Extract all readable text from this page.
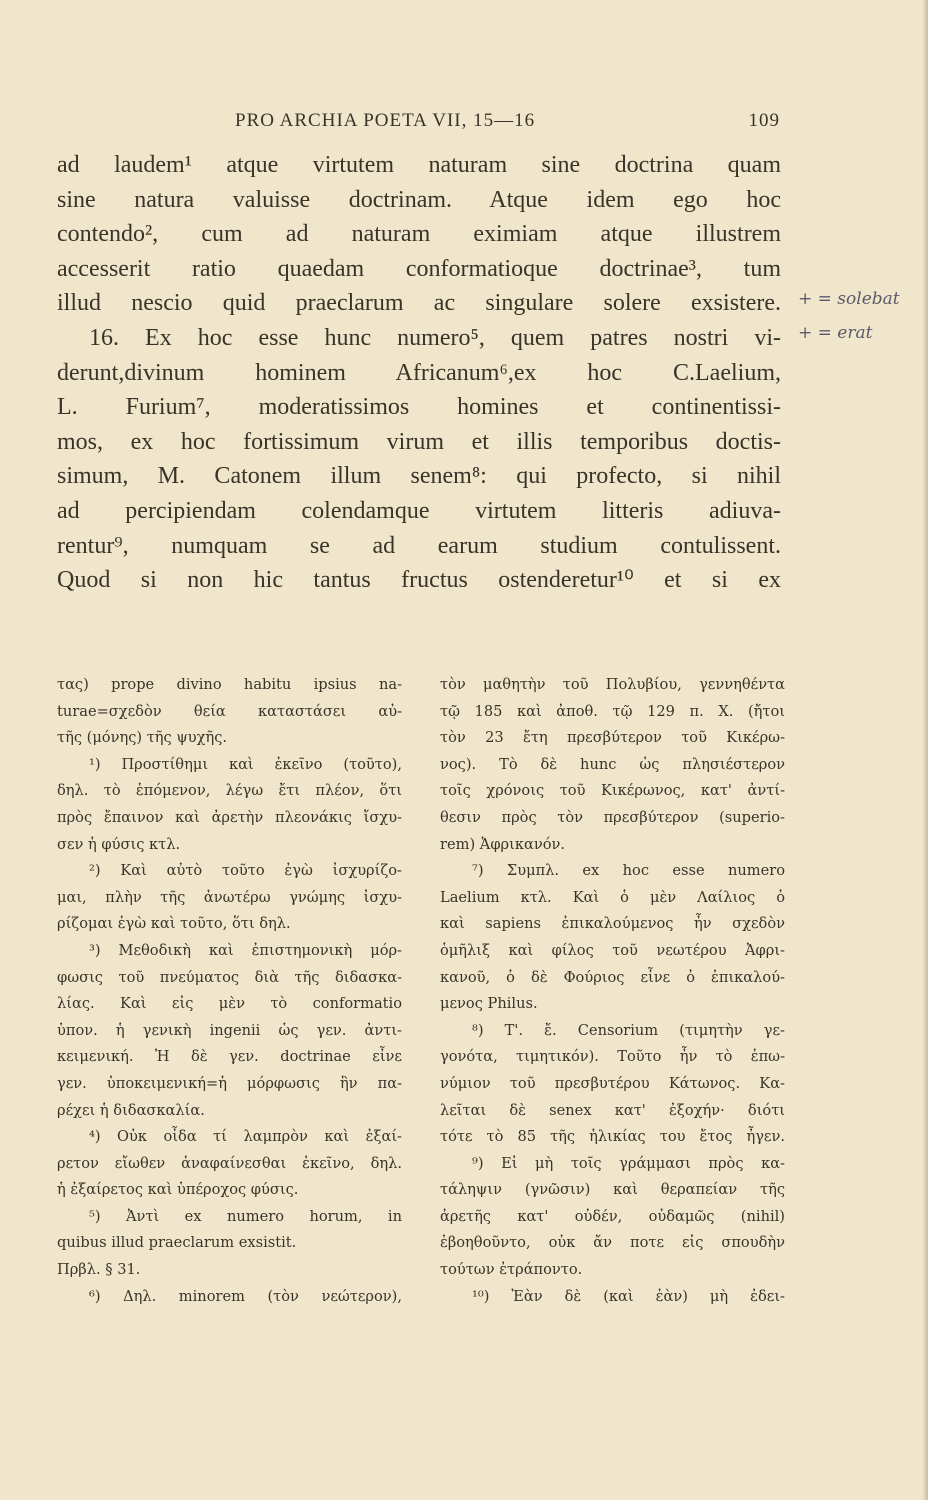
PRO ARCHIA POETA VII, 15—16	109
ad laudem¹ atque virtutem naturam sine doctrina quam
sine natura valuisse doctrinam. Atque idem ego hoc
contendo², cum ad naturam eximiam atque illustrem
accesserit ratio quaedam conformatioque doctrinae³, tum
illud nescio quid praeclarum ac singulare solere exsistere.
16. Ex hoc esse hunc numero⁵, quem patres nostri vi-
derunt,divinum hominem Africanum⁶,ex hoc C.Laelium,
L. Furium⁷, moderatissimos homines et continentissi-
mos, ex hoc fortissimum virum et illis temporibus doctis-
simum, M. Catonem illum senem⁸: qui profecto, si nihil
ad percipiendam colendamque virtutem litteris adiuva-
rentur⁹, numquam se ad earum studium contulissent.
Quod si non hic tantus fructus ostenderetur¹⁰ et si ex
+ = solebat
+ = erat
τας) prope divino habitu ipsius na-
turae=σχεδὸν θεία καταστάσει αὐ-
τῆς (μόνης) τῆς ψυχῆς.
¹) Προστίθημι καὶ ἐκεῖνο (τοῦτο),
δηλ. τὸ ἑπόμενον, λέγω ἔτι πλέον, ὅτι
πρὸς ἔπαινον καὶ ἀρετὴν πλεονάκις ἴσχυ-
σεν ἡ φύσις κτλ.
²) Καὶ αὐτὸ τοῦτο ἐγὼ ἰσχυρίζο-
μαι, πλὴν τῆς ἀνωτέρω γνώμης ἰσχυ-
ρίζομαι ἐγὼ καὶ τοῦτο, ὅτι δηλ.
³) Μεθοδικὴ καὶ ἐπιστημονικὴ μόρ-
φωσις τοῦ πνεύματος διὰ τῆς διδασκα-
λίας. Καὶ εἰς μὲν τὸ conformatio
ὑπον. ἡ γενικὴ ingenii ὡς γεν. ἀντι-
κειμενική. Ἡ δὲ γεν. doctrinae εἶνε
γεν. ὑποκειμενική=ἡ μόρφωσις ἣν πα-
ρέχει ἡ διδασκαλία.
⁴) Οὐκ οἶδα τί λαμπρὸν καὶ ἐξαί-
ρετον εἴωθεν ἀναφαίνεσθαι ἐκεῖνο, δηλ.
ἡ ἐξαίρετος καὶ ὑπέροχος φύσις.
⁵) Ἀντὶ ex numero horum, in
quibus illud praeclarum exsistit.
Πρβλ. § 31.
⁶) Δηλ. minorem (τὸν νεώτερον),
τὸν μαθητὴν τοῦ Πολυβίου, γεννηθέντα
τῷ 185 καὶ ἀποθ. τῷ 129 π. Χ. (ἤτοι
τὸν 23 ἔτη πρεσβύτερον τοῦ Κικέρω-
νος). Τὸ δὲ hunc ὡς πλησιέστερον
τοῖς χρόνοις τοῦ Κικέρωνος, κατ' ἀντί-
θεσιν πρὸς τὸν πρεσβύτερον (superio-
rem) Ἀφρικανόν.
⁷) Συμπλ. ex hoc esse numero
Laelium κτλ. Καὶ ὁ μὲν Λαίλιος ὁ
καὶ sapiens ἐπικαλούμενος ἦν σχεδὸν
ὁμῆλιξ καὶ φίλος τοῦ νεωτέρου Ἀφρι-
κανοῦ, ὁ δὲ Φούριος εἶνε ὁ ἐπικαλού-
μενος Philus.
⁸) Τ'. ἔ. Censorium (τιμητὴν γε-
γονότα, τιμητικόν). Τοῦτο ἦν τὸ ἐπω-
νύμιον τοῦ πρεσβυτέρου Κάτωνος. Κα-
λεῖται δὲ senex κατ' ἐξοχήν· διότι
τότε τὸ 85 τῆς ἡλικίας του ἔτος ἦγεν.
⁹) Εἰ μὴ τοῖς γράμμασι πρὸς κα-
τάληψιν (γνῶσιν) καὶ θεραπείαν τῆς
ἀρετῆς κατ' οὐδέν, οὐδαμῶς (nihil)
ἐβοηθοῦντο, οὐκ ἄν ποτε εἰς σπουδὴν
τούτων ἐτράποντο.
¹⁰) Ἐὰν δὲ (καὶ ἐὰν) μὴ ἐδει-
